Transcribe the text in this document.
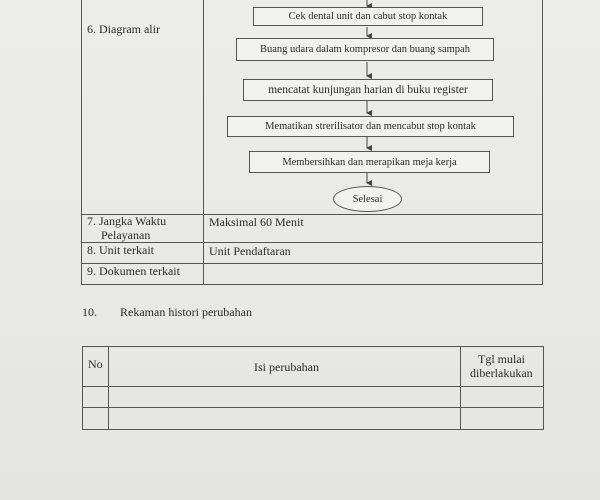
6. Diagram alir
7. Jangka Waktu
Pelayanan
Maksimal 60 Menit
8. Unit terkait	Unit Pendaftaran
9. Dokumen terkait
Cek dental unit dan cabut stop kontak
Buang udara dalam kompresor dan buang sampah
mencatat kunjungan harian di buku register
Mematikan strerilisator dan mencabut stop kontak
Membersihkan dan merapikan meja kerja
Selesai
10. Rekaman histori perubahan
No	Isi perubahan
Tgl mulai
diberlakukan
